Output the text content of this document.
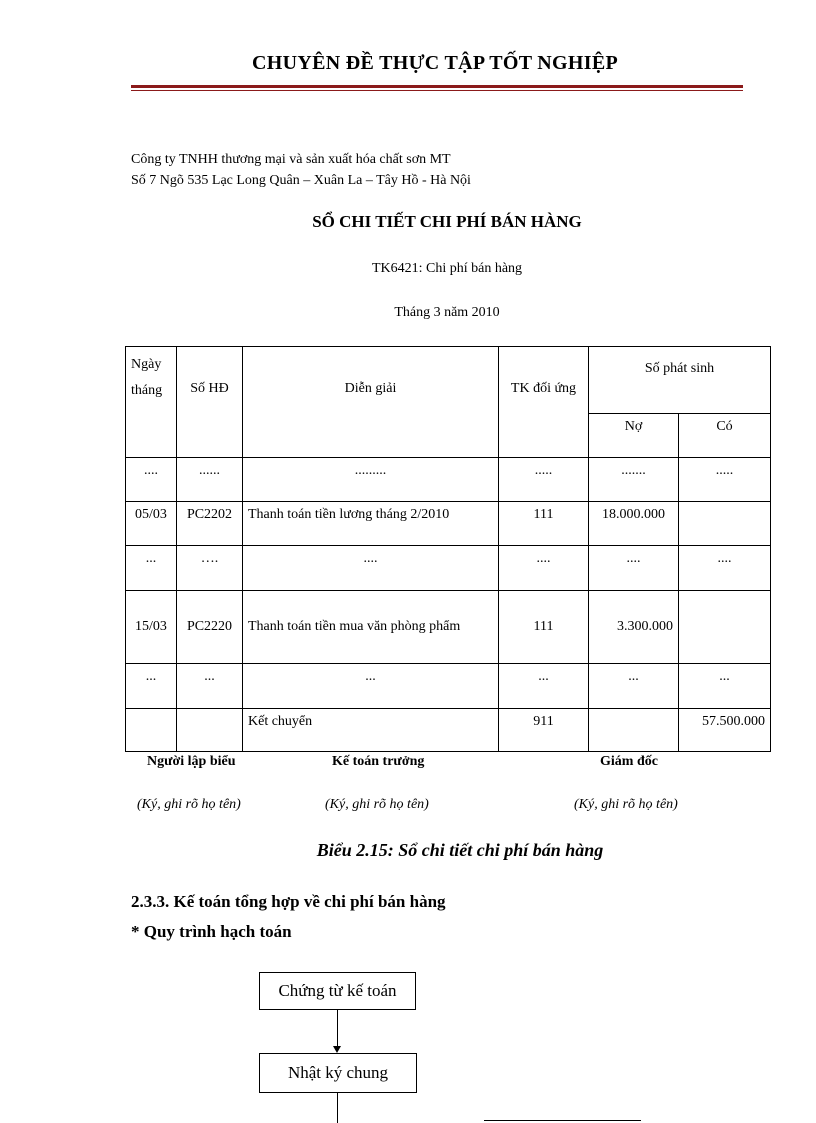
CHUYÊN ĐỀ THỰC TẬP TỐT NGHIỆP
Công ty TNHH thương mại và sản xuất hóa chất sơn MT
Số 7 Ngõ 535 Lạc Long Quân – Xuân La – Tây Hồ - Hà Nội
SỔ CHI TIẾT CHI PHÍ BÁN HÀNG
TK6421: Chi phí bán hàng
Tháng 3 năm 2010
Ngày tháng	Số HĐ	Diễn giải	TK đối ứng	Số phát sinh	
				Nợ	Có
....	......	.........	.....	.......	.....
05/03	PC2202	Thanh toán tiền lương tháng 2/2010	111	18.000.000	
...	….	....	....	....	....
15/03	PC2220	Thanh toán tiền mua văn phòng phẩm	111	3.300.000	
...	...	...	...	...	...
		Kết chuyển	911		57.500.000
Người lập biểu	Kế toán trưởng	Giám đốc
(Ký, ghi rõ họ tên)	(Ký, ghi rõ họ tên)	(Ký, ghi rõ họ tên)
Biểu 2.15: Sổ chi tiết chi phí bán hàng
2.3.3. Kế toán tổng hợp về chi phí bán hàng
* Quy trình hạch toán
Chứng từ kế toán
Nhật ký chung
